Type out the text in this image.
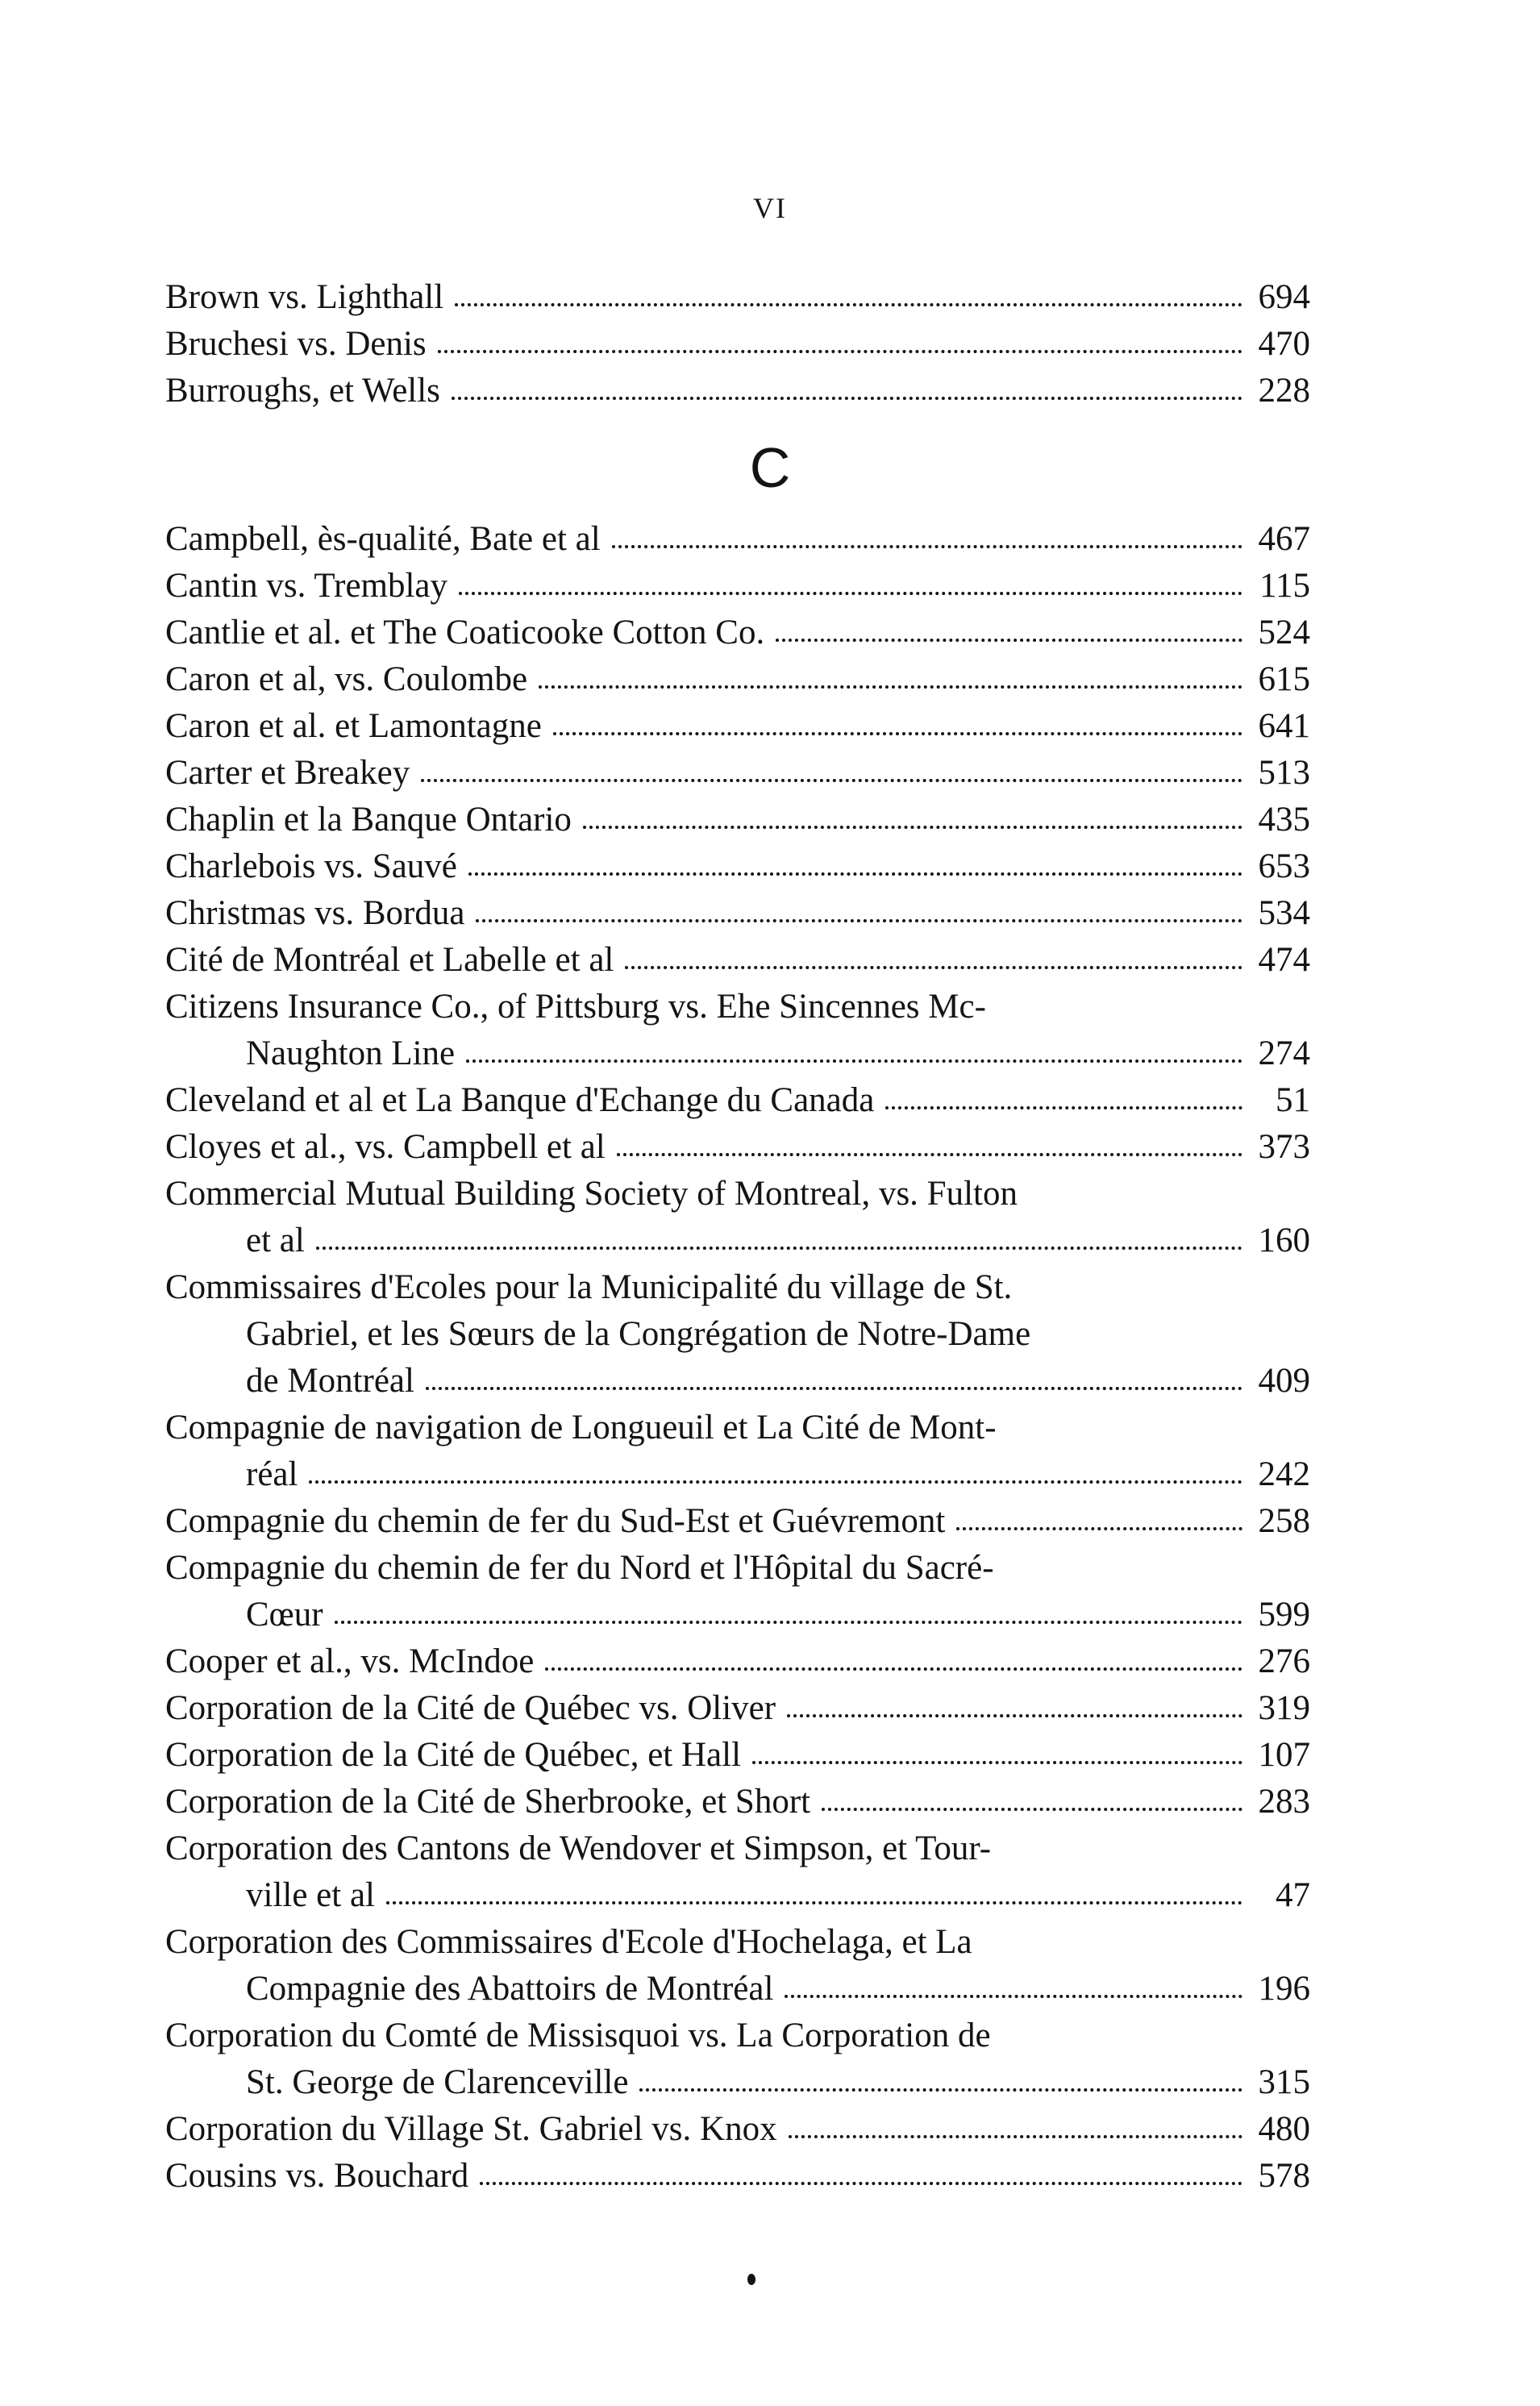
VI
Brown vs. Lighthall	694
Bruchesi vs. Denis	470
Burroughs, et Wells	228
C
Campbell, ès-qualité, Bate et al	467
Cantin vs. Tremblay	115
Cantlie et al. et The Coaticooke Cotton Co.	524
Caron et al, vs. Coulombe	615
Caron et al. et Lamontagne	641
Carter et Breakey	513
Chaplin et la Banque Ontario	435
Charlebois vs. Sauvé	653
Christmas vs. Bordua	534
Cité de Montréal et Labelle et al	474
Citizens Insurance Co., of Pittsburg vs. Ehe Sincennes Mc-
Naughton Line	274
Cleveland et al et La Banque d'Echange du Canada	51
Cloyes et al., vs. Campbell et al	373
Commercial Mutual Building Society of Montreal, vs. Fulton
et al	160
Commissaires d'Ecoles pour la Municipalité du village de St.
Gabriel, et les Sœurs de la Congrégation de Notre-Dame
de Montréal	409
Compagnie de navigation de Longueuil et La Cité de Mont-
réal	242
Compagnie du chemin de fer du Sud-Est et Guévremont	258
Compagnie du chemin de fer du Nord et l'Hôpital du Sacré-
Cœur	599
Cooper et al., vs. McIndoe	276
Corporation de la Cité de Québec vs. Oliver	319
Corporation de la Cité de Québec, et Hall	107
Corporation de la Cité de Sherbrooke, et Short	283
Corporation des Cantons de Wendover et Simpson, et Tour-
ville et al	47
Corporation des Commissaires d'Ecole d'Hochelaga, et La
Compagnie des Abattoirs de Montréal	196
Corporation du Comté de Missisquoi vs. La Corporation de
St. George de Clarenceville	315
Corporation du Village St. Gabriel vs. Knox	480
Cousins vs. Bouchard	578
